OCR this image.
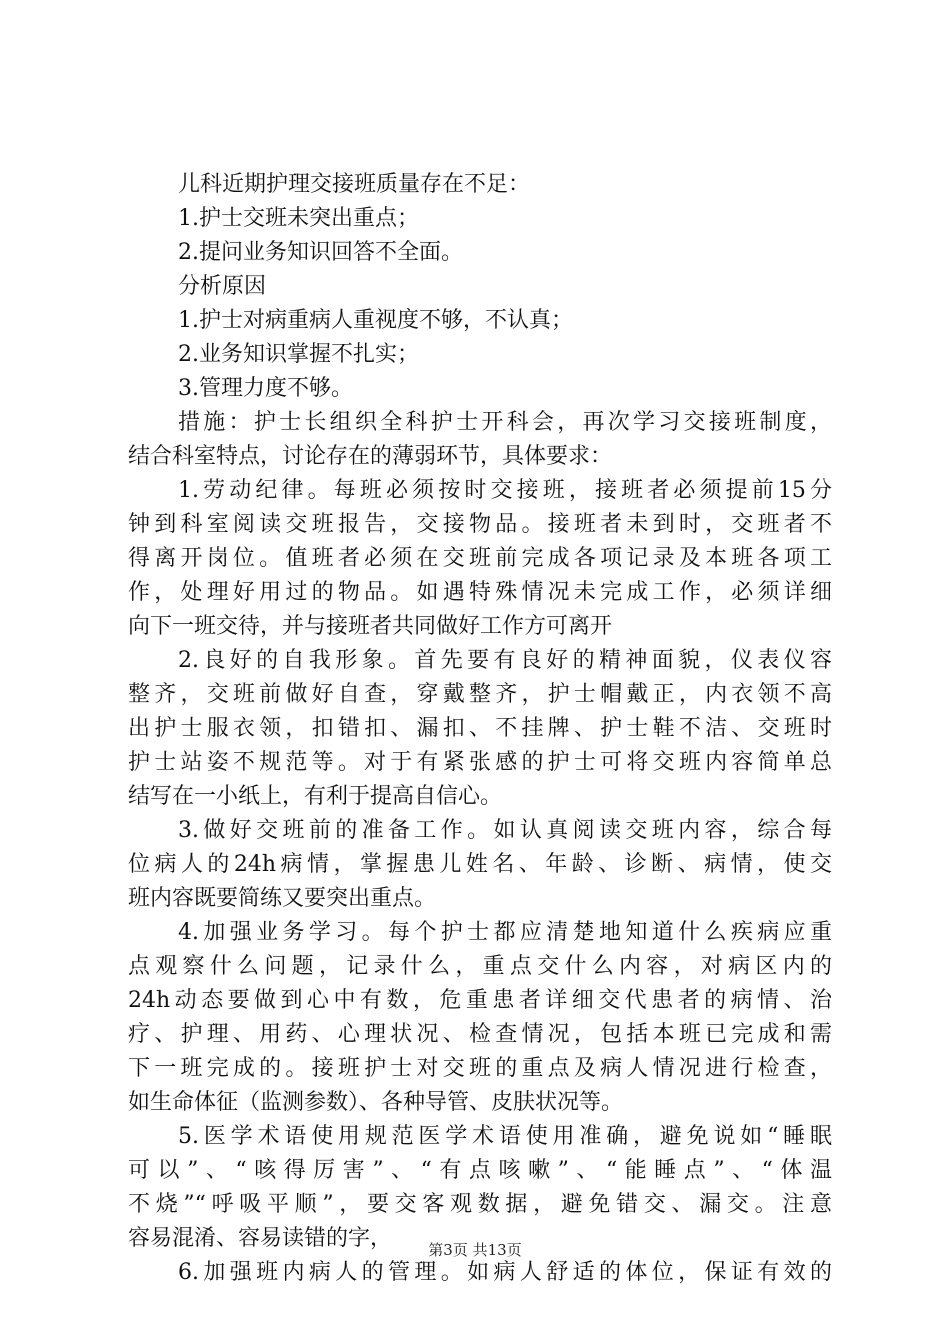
儿科近期护理交接班质量存在不足：
1.护士交班未突出重点；
2.提问业务知识回答不全面。
分析原因
1.护士对病重病人重视度不够，不认真；
2.业务知识掌握不扎实；
3.管理力度不够。
措施：护士长组织全科护士开科会，再次学习交接班制度，
结合科室特点，讨论存在的薄弱环节，具体要求：
1.劳动纪律。每班必须按时交接班，接班者必须提前15分
钟到科室阅读交班报告，交接物品。接班者未到时，交班者不
得离开岗位。值班者必须在交班前完成各项记录及本班各项工
作，处理好用过的物品。如遇特殊情况未完成工作，必须详细
向下一班交待，并与接班者共同做好工作方可离开
2.良好的自我形象。首先要有良好的精神面貌，仪表仪容
整齐，交班前做好自查，穿戴整齐，护士帽戴正，内衣领不高
出护士服衣领，扣错扣、漏扣、不挂牌、护士鞋不洁、交班时
护士站姿不规范等。对于有紧张感的护士可将交班内容简单总
结写在一小纸上，有利于提高自信心。
3.做好交班前的准备工作。如认真阅读交班内容，综合每
位病人的24h病情，掌握患儿姓名、年龄、诊断、病情，使交
班内容既要简练又要突出重点。
4.加强业务学习。每个护士都应清楚地知道什么疾病应重
点观察什么问题，记录什么，重点交什么内容，对病区内的
24h动态要做到心中有数，危重患者详细交代患者的病情、治
疗、护理、用药、心理状况、检查情况，包括本班已完成和需
下一班完成的。接班护士对交班的重点及病人情况进行检查，
如生命体征（监测参数）、各种导管、皮肤状况等。
5.医学术语使用规范医学术语使用准确，避免说如“睡眠
可以”、“咳得厉害”、“有点咳嗽”、“能睡点”、“体温
不烧”“呼吸平顺”，要交客观数据，避免错交、漏交。注意
容易混淆、容易读错的字，
6.加强班内病人的管理。如病人舒适的体位，保证有效的
第3页 共13页
